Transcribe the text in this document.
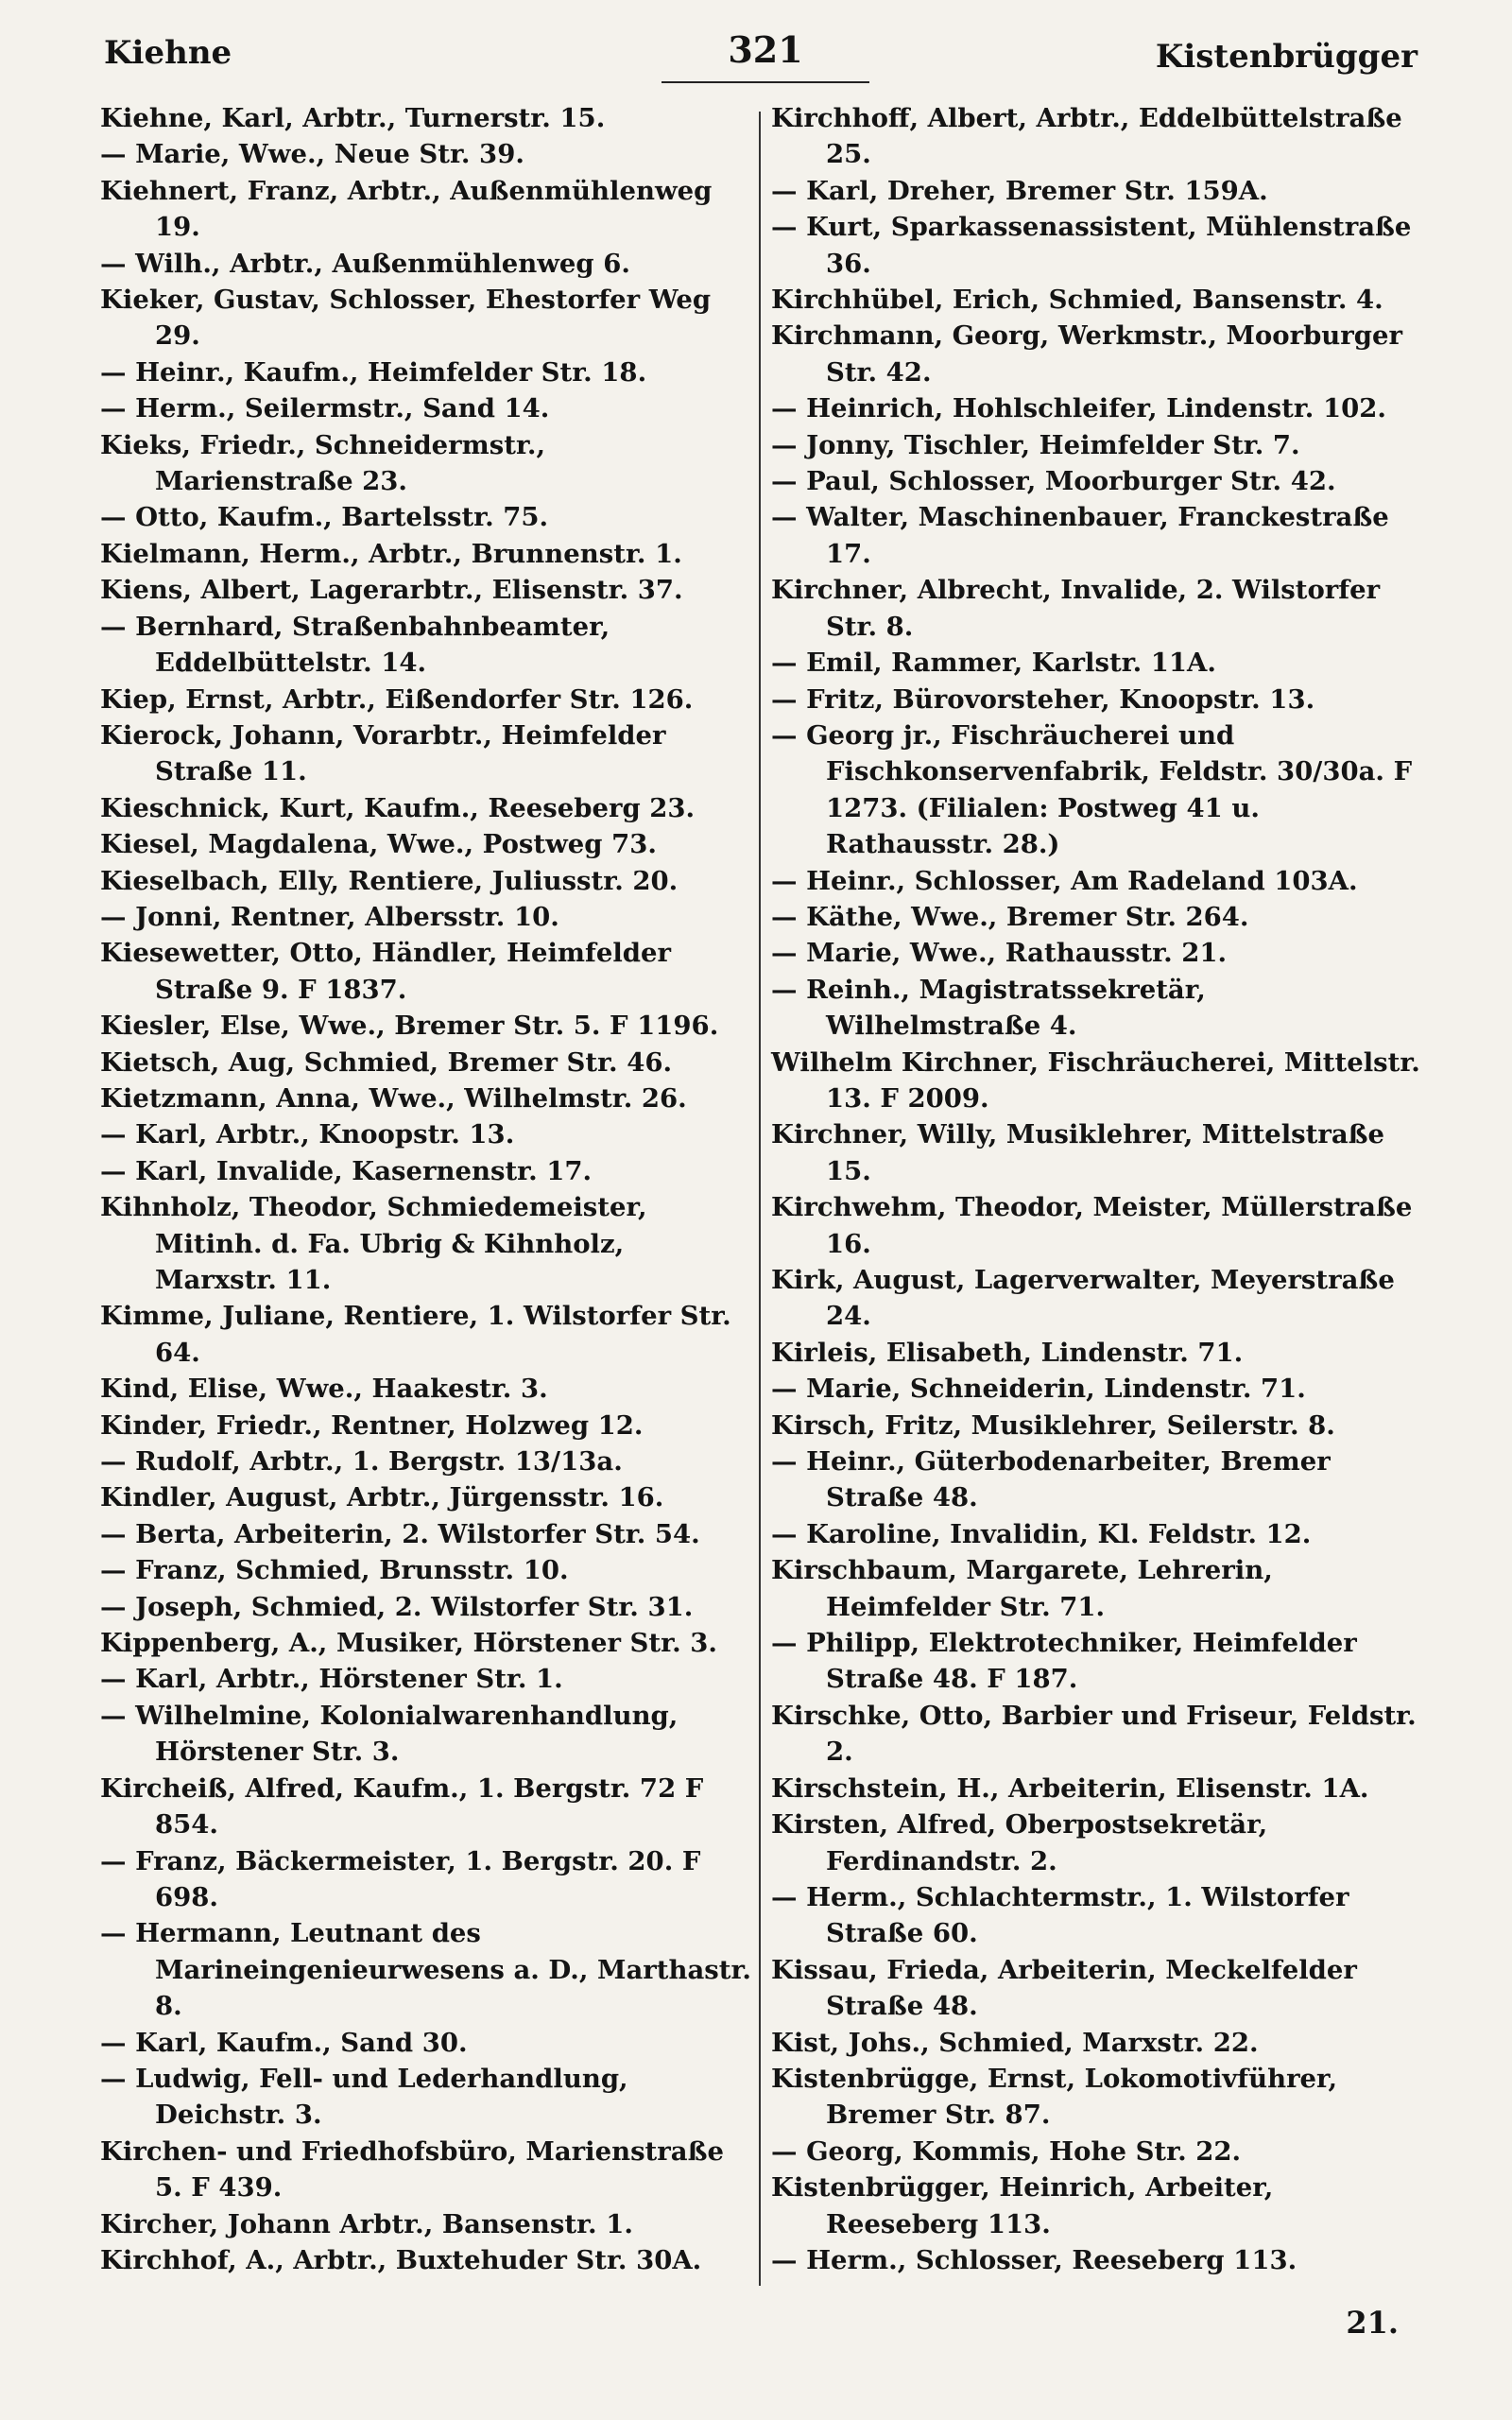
Kiehne	321	Kistenbrügger

Kiehne, Karl, Arbtr., Turnerstr. 15.

— Marie, Wwe., Neue Str. 39.

Kiehnert, Franz, Arbtr., Außenmühlenweg 19.

— Wilh., Arbtr., Außenmühlenweg 6.

Kieker, Gustav, Schlosser, Ehestorfer Weg 29.

— Heinr., Kaufm., Heimfelder Str. 18.

— Herm., Seilermstr., Sand 14.

Kieks, Friedr., Schneidermstr., Marienstraße 23.

— Otto, Kaufm., Bartelsstr. 75.

Kielmann, Herm., Arbtr., Brunnenstr. 1.

Kiens, Albert, Lagerarbtr., Elisenstr. 37.

— Bernhard, Straßenbahnbeamter, Eddelbüttelstr. 14.

Kiep, Ernst, Arbtr., Eißendorfer Str. 126.

Kierock, Johann, Vorarbtr., Heimfelder Straße 11.

Kieschnick, Kurt, Kaufm., Reeseberg 23.

Kiesel, Magdalena, Wwe., Postweg 73.

Kieselbach, Elly, Rentiere, Juliusstr. 20.

— Jonni, Rentner, Albersstr. 10.

Kiesewetter, Otto, Händler, Heimfelder Straße 9. F 1837.

Kiesler, Else, Wwe., Bremer Str. 5. F 1196.

Kietsch, Aug, Schmied, Bremer Str. 46.

Kietzmann, Anna, Wwe., Wilhelmstr. 26.

— Karl, Arbtr., Knoopstr. 13.

— Karl, Invalide, Kasernenstr. 17.

Kihnholz, Theodor, Schmiedemeister, Mitinh. d. Fa. Ubrig & Kihnholz, Marxstr. 11.

Kimme, Juliane, Rentiere, 1. Wilstorfer Str. 64.

Kind, Elise, Wwe., Haakestr. 3.

Kinder, Friedr., Rentner, Holzweg 12.

— Rudolf, Arbtr., 1. Bergstr. 13/13a.

Kindler, August, Arbtr., Jürgensstr. 16.

— Berta, Arbeiterin, 2. Wilstorfer Str. 54.

— Franz, Schmied, Brunsstr. 10.

— Joseph, Schmied, 2. Wilstorfer Str. 31.

Kippenberg, A., Musiker, Hörstener Str. 3.

— Karl, Arbtr., Hörstener Str. 1.

— Wilhelmine, Kolonialwarenhandlung, Hörstener Str. 3.

Kircheiß, Alfred, Kaufm., 1. Bergstr. 72 F 854.

— Franz, Bäckermeister, 1. Bergstr. 20. F 698.

— Hermann, Leutnant des Marineingenieurwesens a. D., Marthastr. 8.

— Karl, Kaufm., Sand 30.

— Ludwig, Fell- und Lederhandlung, Deichstr. 3.

Kirchen- und Friedhofsbüro, Marienstraße 5. F 439.

Kircher, Johann Arbtr., Bansenstr. 1.

Kirchhof, A., Arbtr., Buxtehuder Str. 30A.

Kirchhoff, Albert, Arbtr., Eddelbüttelstraße 25.

— Karl, Dreher, Bremer Str. 159A.

— Kurt, Sparkassenassistent, Mühlenstraße 36.

Kirchhübel, Erich, Schmied, Bansenstr. 4.

Kirchmann, Georg, Werkmstr., Moorburger Str. 42.

— Heinrich, Hohlschleifer, Lindenstr. 102.

— Jonny, Tischler, Heimfelder Str. 7.

— Paul, Schlosser, Moorburger Str. 42.

— Walter, Maschinenbauer, Franckestraße 17.

Kirchner, Albrecht, Invalide, 2. Wilstorfer Str. 8.

— Emil, Rammer, Karlstr. 11A.

— Fritz, Bürovorsteher, Knoopstr. 13.

— Georg jr., Fischräucherei und Fischkonservenfabrik, Feldstr. 30/30a. F 1273. (Filialen: Postweg 41 u. Rathausstr. 28.)

— Heinr., Schlosser, Am Radeland 103A.

— Käthe, Wwe., Bremer Str. 264.

— Marie, Wwe., Rathausstr. 21.

— Reinh., Magistratssekretär, Wilhelmstraße 4.

Wilhelm Kirchner, Fischräucherei, Mittelstr. 13. F 2009.

Kirchner, Willy, Musiklehrer, Mittelstraße 15.

Kirchwehm, Theodor, Meister, Müllerstraße 16.

Kirk, August, Lagerverwalter, Meyerstraße 24.

Kirleis, Elisabeth, Lindenstr. 71.

— Marie, Schneiderin, Lindenstr. 71.

Kirsch, Fritz, Musiklehrer, Seilerstr. 8.

— Heinr., Güterbodenarbeiter, Bremer Straße 48.

— Karoline, Invalidin, Kl. Feldstr. 12.

Kirschbaum, Margarete, Lehrerin, Heimfelder Str. 71.

— Philipp, Elektrotechniker, Heimfelder Straße 48. F 187.

Kirschke, Otto, Barbier und Friseur, Feldstr. 2.

Kirschstein, H., Arbeiterin, Elisenstr. 1A.

Kirsten, Alfred, Oberpostsekretär, Ferdinandstr. 2.

— Herm., Schlachtermstr., 1. Wilstorfer Straße 60.

Kissau, Frieda, Arbeiterin, Meckelfelder Straße 48.

Kist, Johs., Schmied, Marxstr. 22.

Kistenbrügge, Ernst, Lokomotivführer, Bremer Str. 87.

— Georg, Kommis, Hohe Str. 22.

Kistenbrügger, Heinrich, Arbeiter, Reeseberg 113.

— Herm., Schlosser, Reeseberg 113.

21.
